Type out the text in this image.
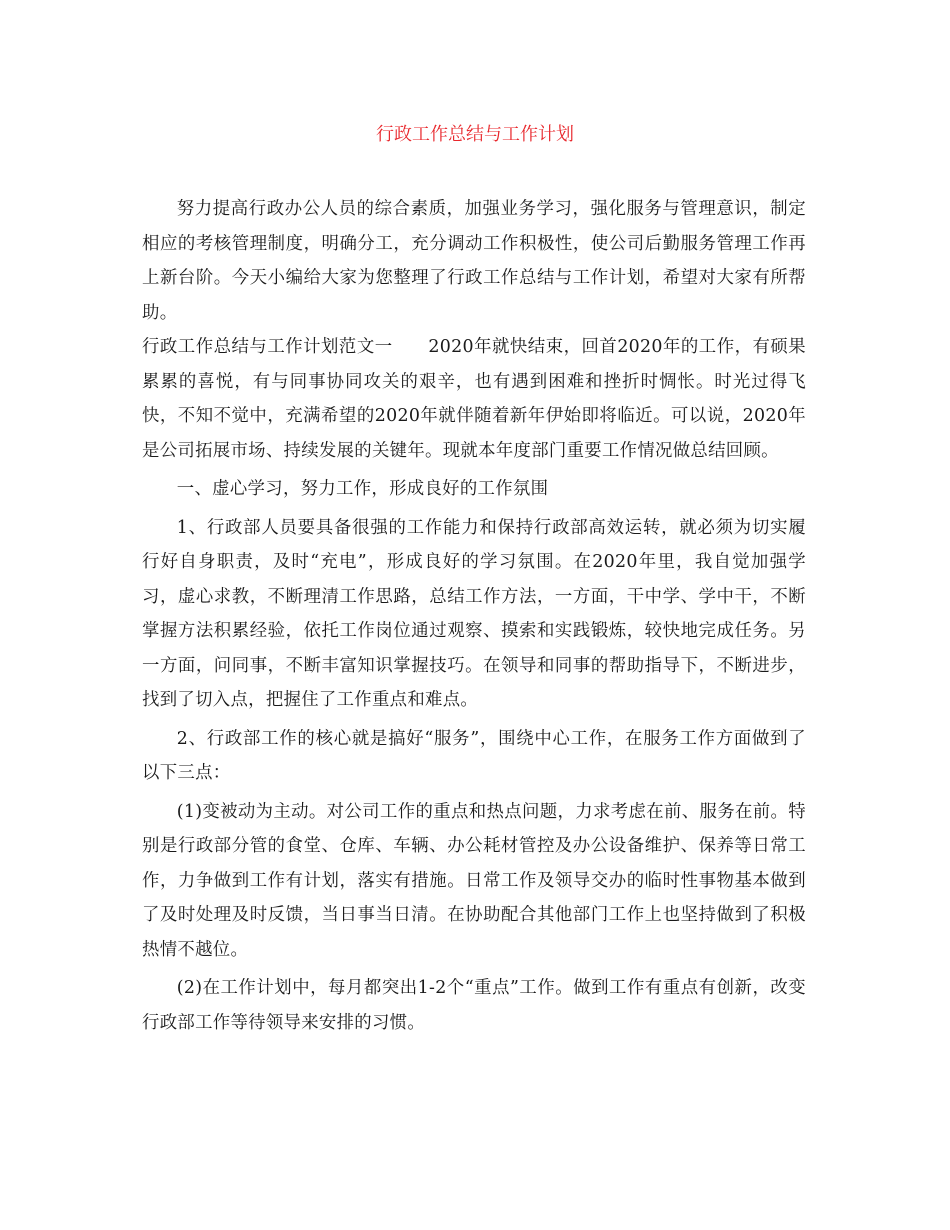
行政工作总结与工作计划

努力提高行政办公人员的综合素质，加强业务学习，强化服务与管理意识，制定相应的考核管理制度，明确分工，充分调动工作积极性，使公司后勤服务管理工作再上新台阶。今天小编给大家为您整理了行政工作总结与工作计划，希望对大家有所帮助。

行政工作总结与工作计划范文一　　2020年就快结束，回首2020年的工作，有硕果累累的喜悦，有与同事协同攻关的艰辛，也有遇到困难和挫折时惆怅。时光过得飞快，不知不觉中，充满希望的2020年就伴随着新年伊始即将临近。可以说，2020年是公司拓展市场、持续发展的关键年。现就本年度部门重要工作情况做总结回顾。

一、虚心学习，努力工作，形成良好的工作氛围

1、行政部人员要具备很强的工作能力和保持行政部高效运转，就必须为切实履行好自身职责，及时“充电”，形成良好的学习氛围。在2020年里，我自觉加强学习，虚心求教，不断理清工作思路，总结工作方法，一方面，干中学、学中干，不断掌握方法积累经验，依托工作岗位通过观察、摸索和实践锻炼，较快地完成任务。另一方面，问同事，不断丰富知识掌握技巧。在领导和同事的帮助指导下，不断进步，找到了切入点，把握住了工作重点和难点。

2、行政部工作的核心就是搞好“服务”，围绕中心工作，在服务工作方面做到了以下三点：

(1)变被动为主动。对公司工作的重点和热点问题，力求考虑在前、服务在前。特别是行政部分管的食堂、仓库、车辆、办公耗材管控及办公设备维护、保养等日常工作，力争做到工作有计划，落实有措施。日常工作及领导交办的临时性事物基本做到了及时处理及时反馈，当日事当日清。在协助配合其他部门工作上也坚持做到了积极热情不越位。

(2)在工作计划中，每月都突出1-2个“重点”工作。做到工作有重点有创新，改变行政部工作等待领导来安排的习惯。
